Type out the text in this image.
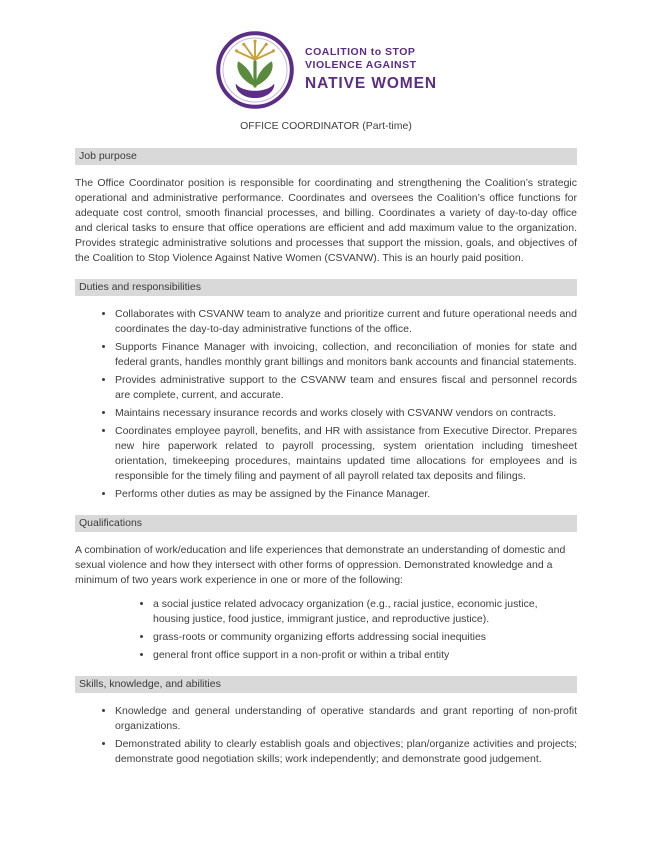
COALITION to STOP
VIOLENCE AGAINST
NATIVE WOMEN
OFFICE COORDINATOR (Part-time)
Job purpose

The Office Coordinator position is responsible for coordinating and strengthening the Coalition’s strategic operational and administrative performance. Coordinates and oversees the Coalition’s office functions for adequate cost control, smooth financial processes, and billing. Coordinates a variety of day-to-day office and clerical tasks to ensure that office operations are efficient and add maximum value to the organization. Provides strategic administrative solutions and processes that support the mission, goals, and objectives of the Coalition to Stop Violence Against Native Women (CSVANW). This is an hourly paid position.

Duties and responsibilities
• Collaborates with CSVANW team to analyze and prioritize current and future operational needs and coordinates the day-to-day administrative functions of the office.
• Supports Finance Manager with invoicing, collection, and reconciliation of monies for state and federal grants, handles monthly grant billings and monitors bank accounts and financial statements.
• Provides administrative support to the CSVANW team and ensures fiscal and personnel records are complete, current, and accurate.
• Maintains necessary insurance records and works closely with CSVANW vendors on contracts.
• Coordinates employee payroll, benefits, and HR with assistance from Executive Director. Prepares new hire paperwork related to payroll processing, system orientation including timesheet orientation, timekeeping procedures, maintains updated time allocations for employees and is responsible for the timely filing and payment of all payroll related tax deposits and filings.
• Performs other duties as may be assigned by the Finance Manager.
Qualifications

A combination of work/education and life experiences that demonstrate an understanding of domestic and sexual violence and how they intersect with other forms of oppression. Demonstrated knowledge and a minimum of two years work experience in one or more of the following:

• a social justice related advocacy organization (e.g., racial justice, economic justice, housing justice, food justice, immigrant justice, and reproductive justice).
• grass-roots or community organizing efforts addressing social inequities
• general front office support in a non-profit or within a tribal entity
Skills, knowledge, and abilities
• Knowledge and general understanding of operative standards and grant reporting of non-profit organizations.
• Demonstrated ability to clearly establish goals and objectives; plan/organize activities and projects; demonstrate good negotiation skills; work independently; and demonstrate good judgement.
